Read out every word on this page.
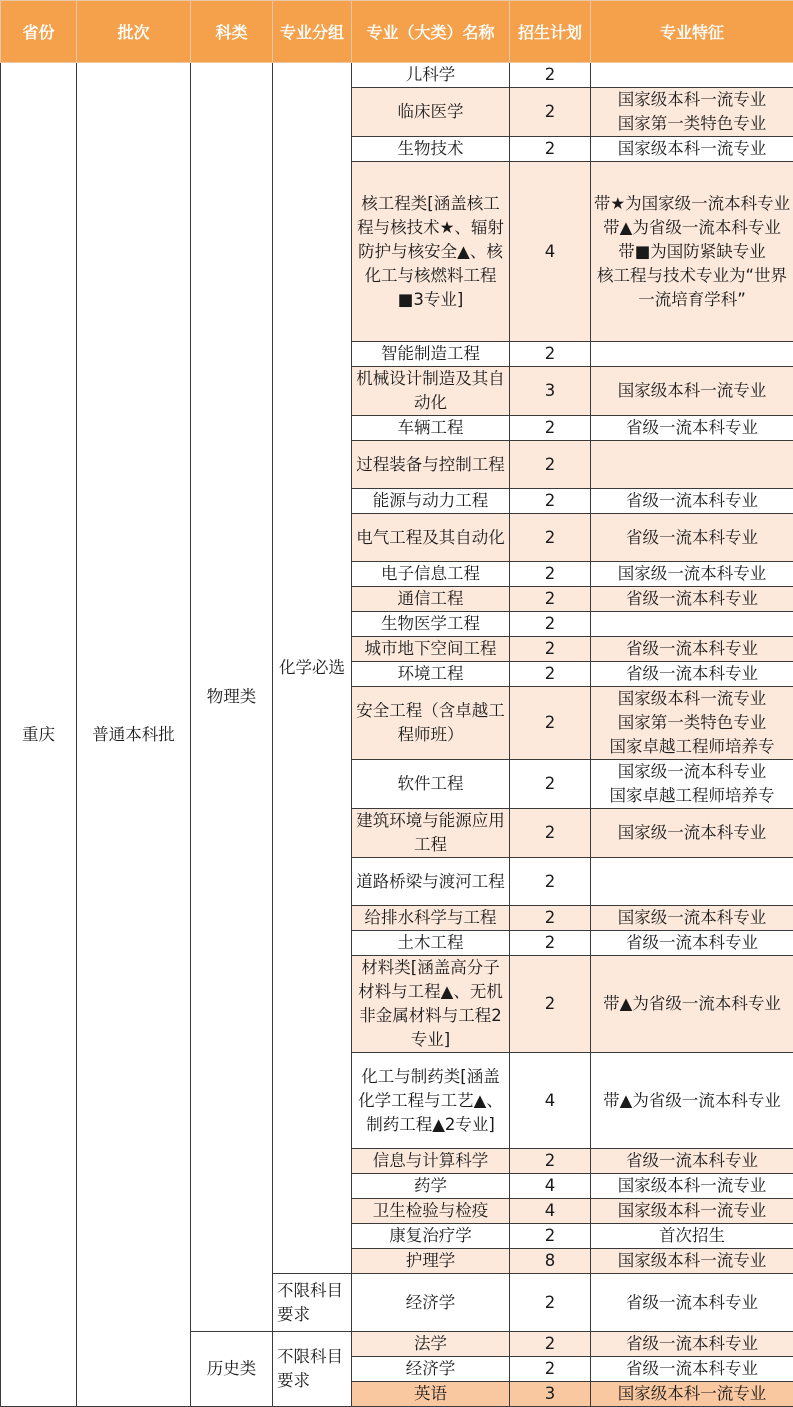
省份	批次	科类	专业分组	专业（大类）名称	招生计划	专业特征
重庆	普通本科批	物理类	化学必选	儿科学	2	
				临床医学	2	国家级本科一流专业
国家第一类特色专业
				生物技术	2	国家级本科一流专业
				核工程类[涵盖核工程与核技术★、辐射防护与核安全▲、核化工与核燃料工程■3专业]	4	带★为国家级一流本科专业
带▲为省级一流本科专业
带■为国防紧缺专业
核工程与技术专业为“世界一流培育学科”
				智能制造工程	2	
				机械设计制造及其自动化	3	国家级本科一流专业
				车辆工程	2	省级一流本科专业
				过程装备与控制工程	2	
				能源与动力工程	2	省级一流本科专业
				电气工程及其自动化	2	省级一流本科专业
				电子信息工程	2	国家级一流本科专业
				通信工程	2	省级一流本科专业
				生物医学工程	2	
				城市地下空间工程	2	省级一流本科专业
				环境工程	2	省级一流本科专业
				安全工程（含卓越工程师班）	2	国家级本科一流专业
国家第一类特色专业
国家卓越工程师培养专
				软件工程	2	国家级一流本科专业
国家卓越工程师培养专
				建筑环境与能源应用工程	2	国家级一流本科专业
				道路桥梁与渡河工程	2	
				给排水科学与工程	2	国家级一流本科专业
				土木工程	2	省级一流本科专业
				材料类[涵盖高分子材料与工程▲、无机非金属材料与工程2专业]	2	带▲为省级一流本科专业
				化工与制药类[涵盖化学工程与工艺▲、制药工程▲2专业]	4	带▲为省级一流本科专业
				信息与计算科学	2	省级一流本科专业
				药学	4	国家级本科一流专业
				卫生检验与检疫	4	国家级本科一流专业
				康复治疗学	2	首次招生
				护理学	8	国家级本科一流专业
			不限科目要求	经济学	2	省级一流本科专业
		历史类	不限科目要求	法学	2	省级一流本科专业
				经济学	2	省级一流本科专业
				英语	3	国家级本科一流专业
